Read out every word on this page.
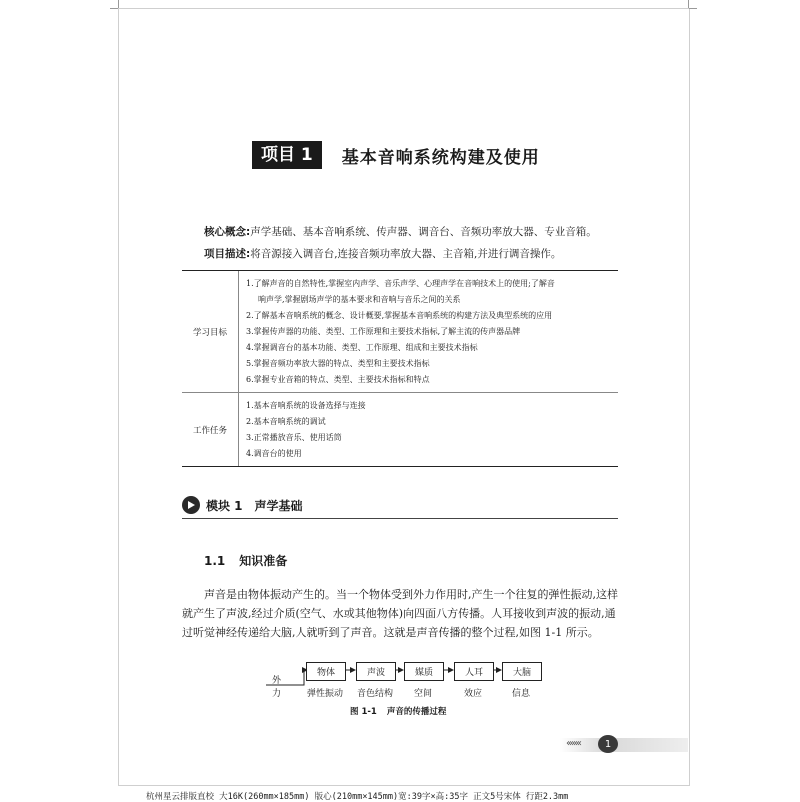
项目 1	基本音响系统构建及使用
核心概念:声学基础、基本音响系统、传声器、调音台、音频功率放大器、专业音箱。
项目描述:将音源接入调音台,连接音频功率放大器、主音箱,并进行调音操作。
学习目标
1.了解声音的自然特性,掌握室内声学、音乐声学、心理声学在音响技术上的使用;了解音
响声学,掌握剧场声学的基本要求和音响与音乐之间的关系
2.了解基本音响系统的概念、设计概要,掌握基本音响系统的构建方法及典型系统的应用
3.掌握传声器的功能、类型、工作原理和主要技术指标,了解主流的传声器品牌
4.掌握调音台的基本功能、类型、工作原理、组成和主要技术指标
5.掌握音频功率放大器的特点、类型和主要技术指标
6.掌握专业音箱的特点、类型、主要技术指标和特点
工作任务
1.基本音响系统的设备选择与连接
2.基本音响系统的调试
3.正常播放音乐、使用话筒
4.调音台的使用
模块 1 声学基础
1.1 知识准备

声音是由物体振动产生的。当一个物体受到外力作用时,产生一个往复的弹性振动,这样就产生了声波,经过介质(空气、水或其他物体)向四面八方传播。人耳接收到声波的振动,通过听觉神经传递给大脑,人就听到了声音。这就是声音传播的整个过程,如图 1-1 所示。

外力
物体	声波	媒质	人耳	大脑
弹性振动	音色结构	空间	效应	信息
图 1-1 声音的传播过程
‹‹‹‹‹‹‹	1
杭州星云排版直校 大16K(260mm×185mm) 版心(210mm×145mm)宽:39字×高:35字 正文5号宋体 行距2.3mm
